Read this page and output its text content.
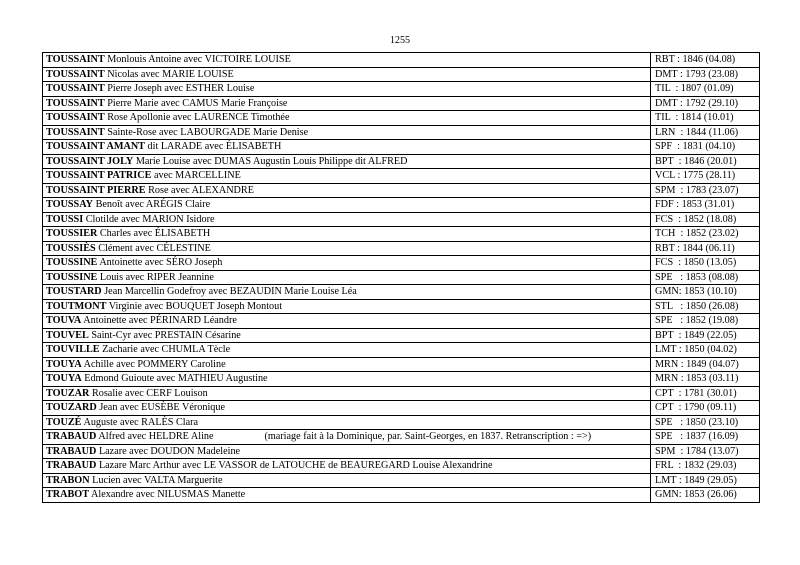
1255
TOUSSAINT Monlouis Antoine avec VICTOIRE LOUISE	RBT : 1846 (04.08)
TOUSSAINT Nicolas avec MARIE LOUISE	DMT : 1793 (23.08)
TOUSSAINT Pierre Joseph avec ESTHER Louise	TIL  : 1807 (01.09)
TOUSSAINT Pierre Marie avec CAMUS Marie Françoise	DMT : 1792 (29.10)
TOUSSAINT Rose Apollonie avec LAURENCE Timothée	TIL  : 1814 (10.01)
TOUSSAINT Sainte-Rose avec LABOURGADE Marie Denise	LRN  : 1844 (11.06)
TOUSSAINT AMANT dit LARADE avec ÉLISABETH	SPF  : 1831 (04.10)
TOUSSAINT JOLY Marie Louise avec DUMAS Augustin Louis Philippe dit ALFRED	BPT  : 1846 (20.01)
TOUSSAINT PATRICE avec MARCELLINE	VCL : 1775 (28.11)
TOUSSAINT PIERRE Rose avec ALEXANDRE	SPM  : 1783 (23.07)
TOUSSAY Benoît avec ARÉGIS Claire	FDF : 1853 (31.01)
TOUSSI Clotilde avec MARION Isidore	FCS  : 1852 (18.08)
TOUSSIER Charles avec ÉLISABETH	TCH  : 1852 (23.02)
TOUSSIÈS Clément avec CÉLESTINE	RBT : 1844 (06.11)
TOUSSINE Antoinette avec SÉRO Joseph	FCS  : 1850 (13.05)
TOUSSINE Louis avec RIPER Jeannine	SPE   : 1853 (08.08)
TOUSTARD Jean Marcellin Godefroy avec BEZAUDIN Marie Louise Léa	GMN: 1853 (10.10)
TOUTMONT Virginie avec BOUQUET Joseph Montout	STL   : 1850 (26.08)
TOUVA Antoinette avec PÉRINARD Léandre	SPE   : 1852 (19.08)
TOUVEL Saint-Cyr avec PRESTAIN Césarine	BPT  : 1849 (22.05)
TOUVILLE Zacharie avec CHUMLA Tècle	LMT : 1850 (04.02)
TOUYA Achille avec POMMERY Caroline	MRN : 1849 (04.07)
TOUYA Edmond Guioute avec MATHIEU Augustine	MRN : 1853 (03.11)
TOUZAR Rosalie avec CERF Louison	CPT  : 1781 (30.01)
TOUZARD Jean avec EUSÈBE Véronique	CPT  : 1790 (09.11)
TOUZÉ Auguste avec RALÈS Clara	SPE   : 1850 (23.10)
TRABAUD Alfred avec HELDRE Aline                    (mariage fait à la Dominique, par. Saint-Georges, en 1837. Retranscription : =>)	SPE   : 1837 (16.09)
TRABAUD Lazare avec DOUDON Madeleine	SPM  : 1784 (13.07)
TRABAUD Lazare Marc Arthur avec LE VASSOR de LATOUCHE de BEAUREGARD Louise Alexandrine	FRL  : 1832 (29.03)
TRABON Lucien avec VALTA Marguerite	LMT : 1849 (29.05)
TRABOT Alexandre avec NILUSMAS Manette	GMN: 1853 (26.06)
